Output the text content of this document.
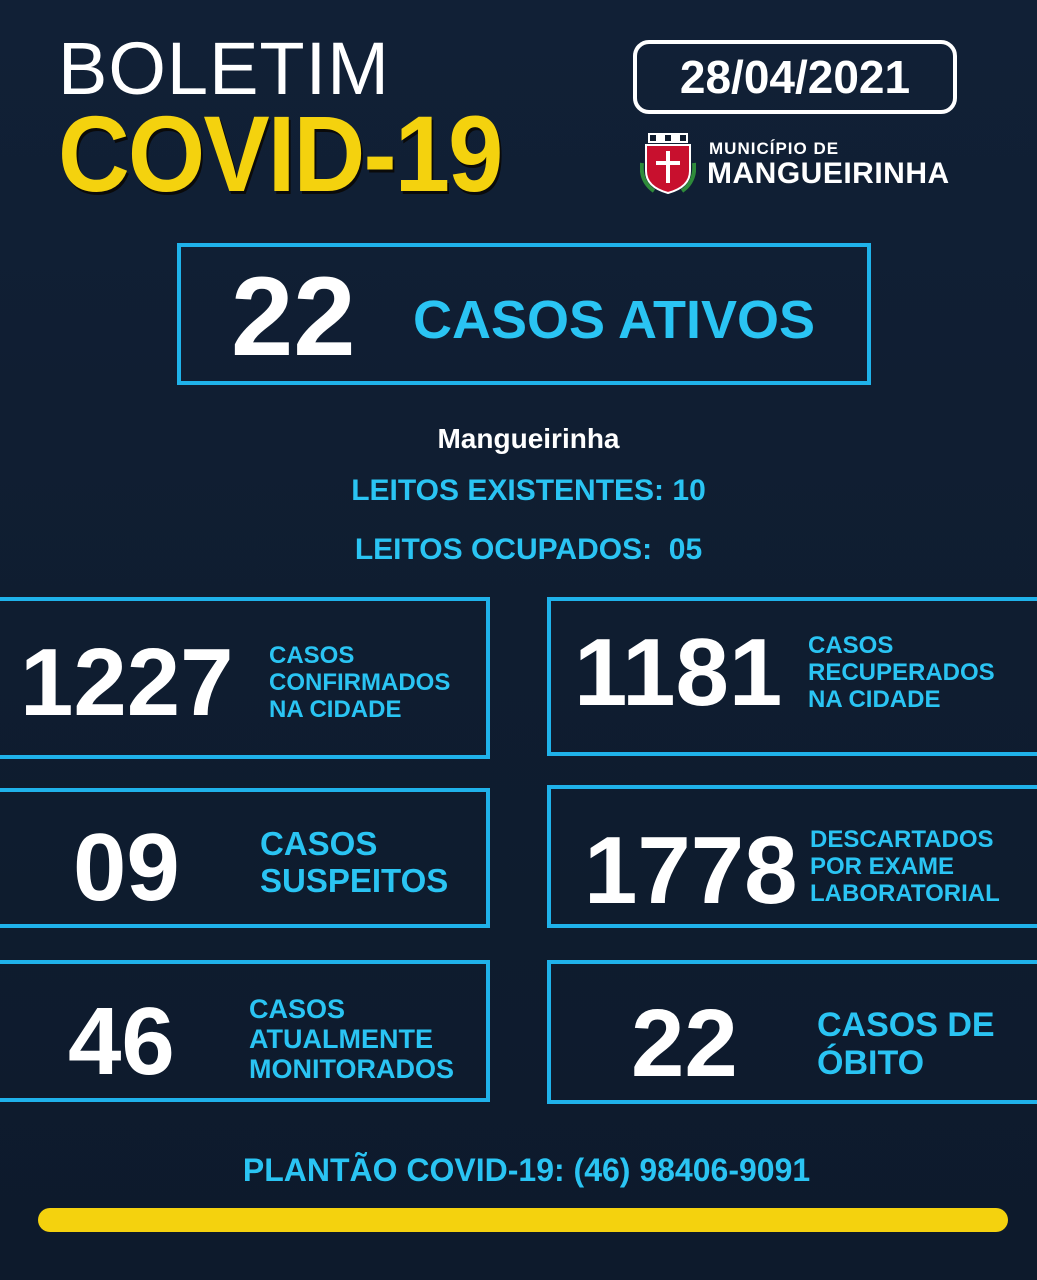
BOLETIM
COVID-19
28/04/2021
MUNICÍPIO DE
MANGUEIRINHA
22 CASOS ATIVOS
Mangueirinha
LEITOS EXISTENTES: 10
LEITOS OCUPADOS:  05
1227 CASOS
CONFIRMADOS
NA CIDADE	1181 CASOS
RECUPERADOS
NA CIDADE
09 CASOS
SUSPEITOS 1778 DESCARTADOS
POR EXAME
LABORATORIAL
46	CASOS
ATUALMENTE
MONITORADOS 22 CASOS DE
ÓBITO
PLANTÃO COVID-19: (46) 98406-9091
